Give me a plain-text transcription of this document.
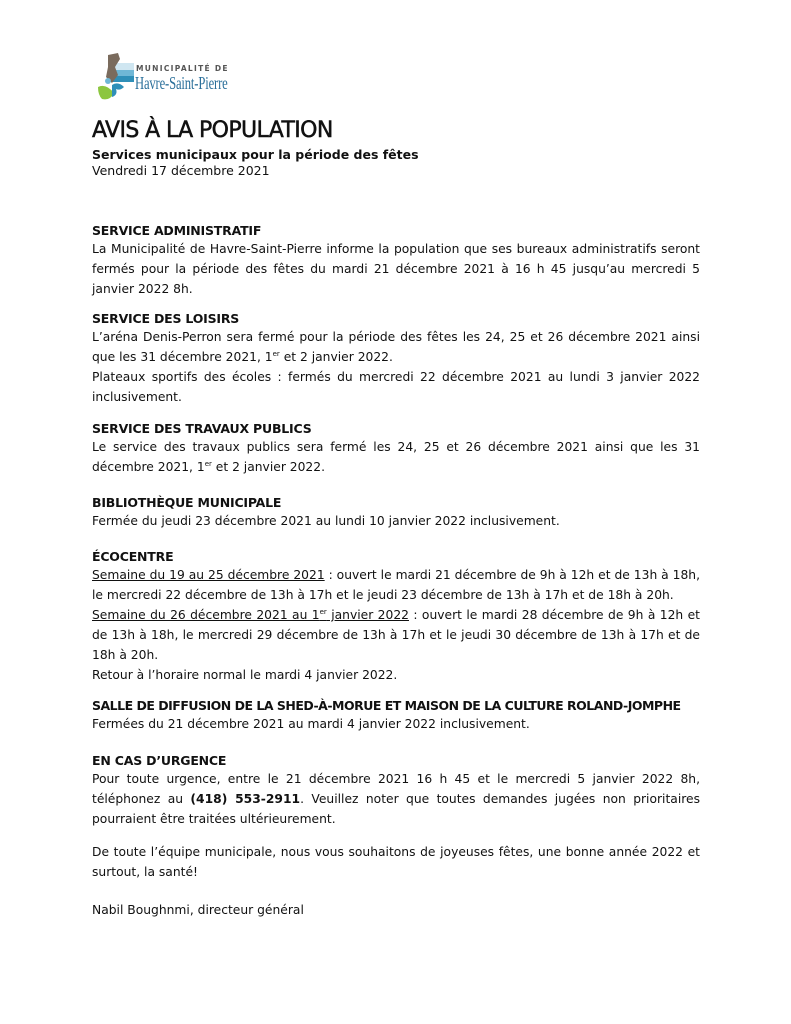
MUNICIPALITÉ DE
Havre-Saint-Pierre
AVIS À LA POPULATION

Services municipaux pour la période des fêtes

Vendredi 17 décembre 2021

SERVICE ADMINISTRATIF

La Municipalité de Havre-Saint-Pierre informe la population que ses bureaux administratifs seront fermés pour la période des fêtes du mardi 21 décembre 2021 à 16 h 45 jusqu’au mercredi 5 janvier 2022 8h.

SERVICE DES LOISIRS

L’aréna Denis-Perron sera fermé pour la période des fêtes les 24, 25 et 26 décembre 2021 ainsi que les 31 décembre 2021, 1er et 2 janvier 2022.

Plateaux sportifs des écoles : fermés du mercredi 22 décembre 2021 au lundi 3 janvier 2022 inclusivement.

SERVICE DES TRAVAUX PUBLICS

Le service des travaux publics sera fermé les 24, 25 et 26 décembre 2021 ainsi que les 31 décembre 2021, 1er et 2 janvier 2022.

BIBLIOTHÈQUE MUNICIPALE

Fermée du jeudi 23 décembre 2021 au lundi 10 janvier 2022 inclusivement.

ÉCOCENTRE

Semaine du 19 au 25 décembre 2021 : ouvert le mardi 21 décembre de 9h à 12h et de 13h à 18h, le mercredi 22 décembre de 13h à 17h et le jeudi 23 décembre de 13h à 17h et de 18h à 20h.

Semaine du 26 décembre 2021 au 1er janvier 2022 : ouvert le mardi 28 décembre de 9h à 12h et de 13h à 18h, le mercredi 29 décembre de 13h à 17h et le jeudi 30 décembre de 13h à 17h et de 18h à 20h.

Retour à l’horaire normal le mardi 4 janvier 2022.

SALLE DE DIFFUSION DE LA SHED-À-MORUE ET MAISON DE LA CULTURE ROLAND-JOMPHE

Fermées du 21 décembre 2021 au mardi 4 janvier 2022 inclusivement.

EN CAS D’URGENCE

Pour toute urgence, entre le 21 décembre 2021 16 h 45 et le mercredi 5 janvier 2022 8h, téléphonez au (418) 553-2911. Veuillez noter que toutes demandes jugées non prioritaires pourraient être traitées ultérieurement.

De toute l’équipe municipale, nous vous souhaitons de joyeuses fêtes, une bonne année 2022 et surtout, la santé!

Nabil Boughnmi, directeur général
